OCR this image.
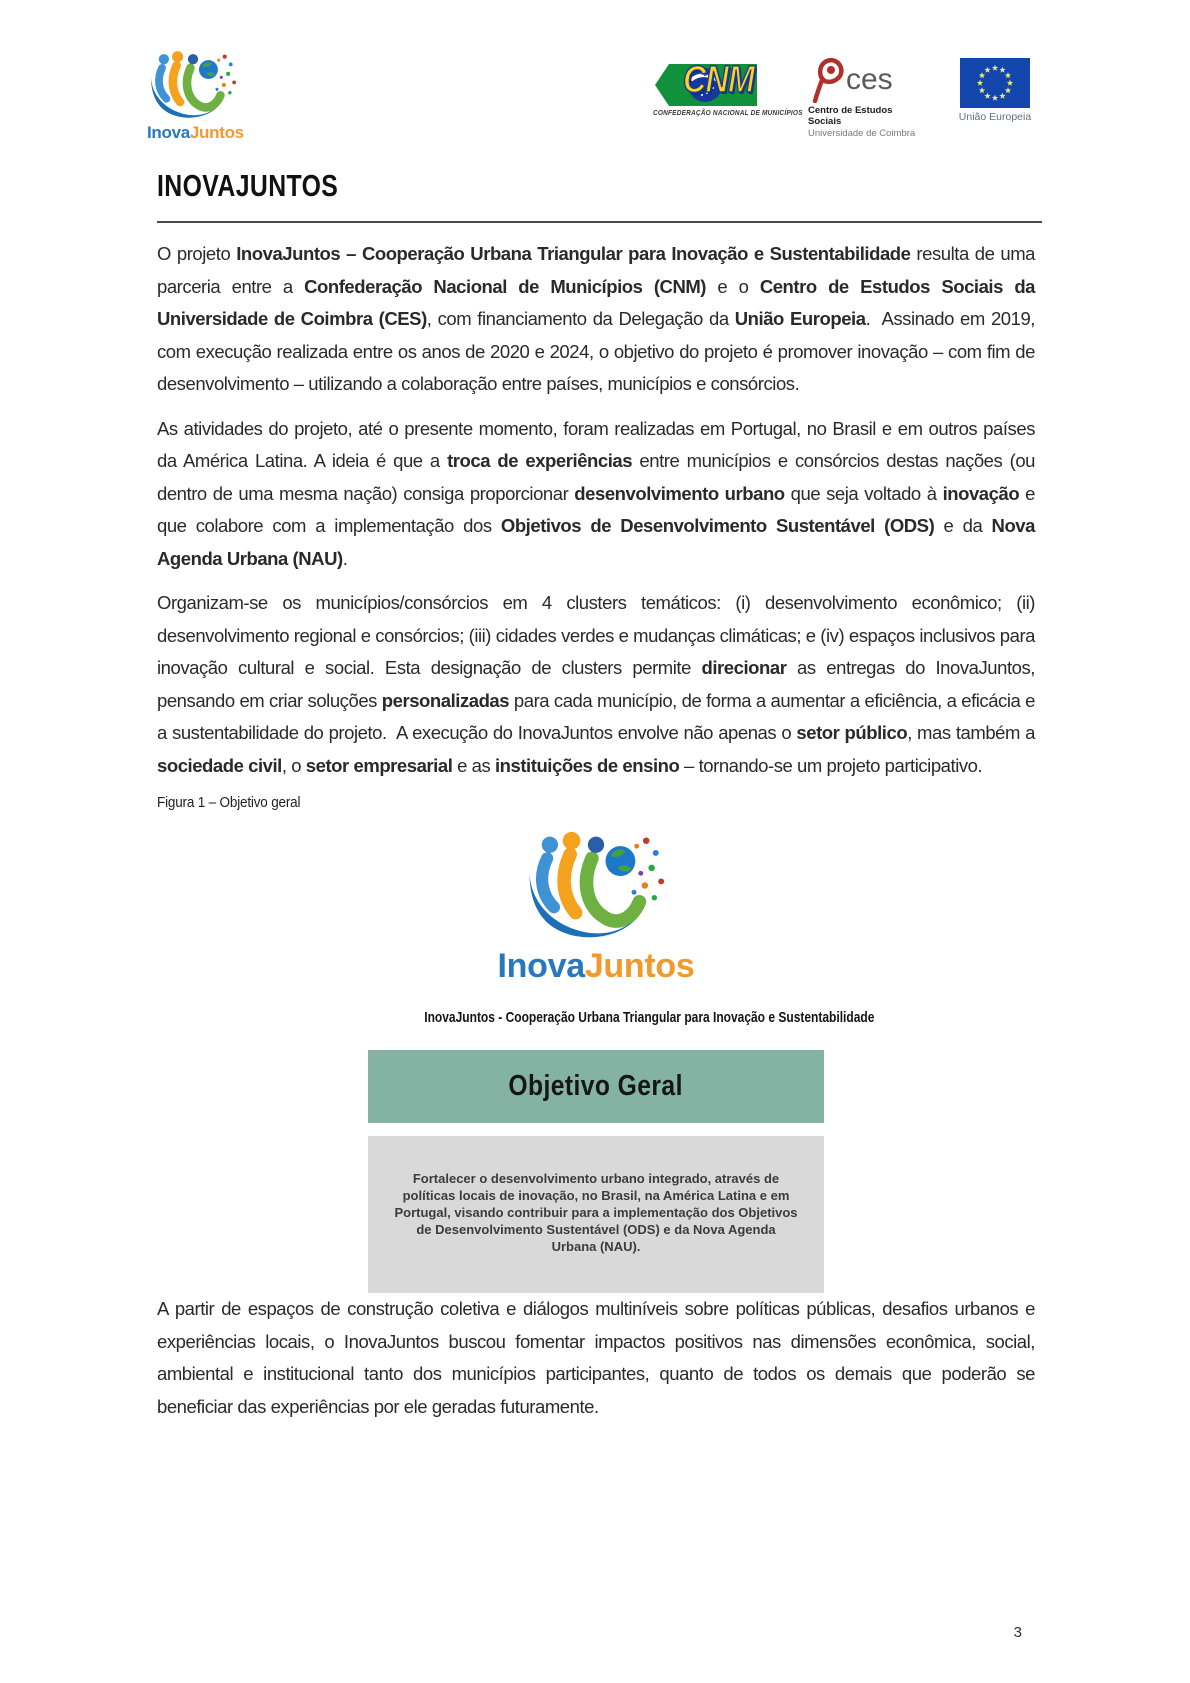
InovaJuntos
CNM
CONFEDERAÇÃO NACIONAL DE MUNICÍPIOS
ces
Centro de Estudos Sociais
Universidade de Coimbra
União Europeia
INOVAJUNTOS

O projeto InovaJuntos – Cooperação Urbana Triangular para Inovação e Sustentabilidade resulta de uma parceria entre a Confederação Nacional de Municípios (CNM) e o Centro de Estudos Sociais da Universidade de Coimbra (CES), com financiamento da Delegação da União Europeia.  Assinado em 2019, com execução realizada entre os anos de 2020 e 2024, o objetivo do projeto é promover inovação – com fim de desenvolvimento – utilizando a colaboração entre países, municípios e consórcios.

As atividades do projeto, até o presente momento, foram realizadas em Portugal, no Brasil e em outros países da América Latina. A ideia é que a troca de experiências entre municípios e consórcios destas nações (ou dentro de uma mesma nação) consiga proporcionar desenvolvimento urbano que seja voltado à inovação e que colabore com a implementação dos Objetivos de Desenvolvimento Sustentável (ODS) e da Nova Agenda Urbana (NAU).

Organizam-se os municípios/consórcios em 4 clusters temáticos: (i) desenvolvimento econômico; (ii) desenvolvimento regional e consórcios; (iii) cidades verdes e mudanças climáticas; e (iv) espaços inclusivos para inovação cultural e social. Esta designação de clusters permite direcionar as entregas do InovaJuntos, pensando em criar soluções personalizadas para cada município, de forma a aumentar a eficiência, a eficácia e a sustentabilidade do projeto.  A execução do InovaJuntos envolve não apenas o setor público, mas também a sociedade civil, o setor empresarial e as instituições de ensino – tornando-se um projeto participativo.

Figura 1 – Objetivo geral
InovaJuntos
InovaJuntos - Cooperação Urbana Triangular para Inovação e Sustentabilidade
Objetivo Geral
Fortalecer o desenvolvimento urbano integrado, através de políticas locais de inovação, no Brasil, na América Latina e em Portugal, visando contribuir para a implementação dos Objetivos de Desenvolvimento Sustentável (ODS) e da Nova Agenda Urbana (NAU).

A partir de espaços de construção coletiva e diálogos multiníveis sobre políticas públicas, desafios urbanos e experiências locais, o InovaJuntos buscou fomentar impactos positivos nas dimensões econômica, social, ambiental e institucional tanto dos municípios participantes, quanto de todos os demais que poderão se beneficiar das experiências por ele geradas futuramente.

3
